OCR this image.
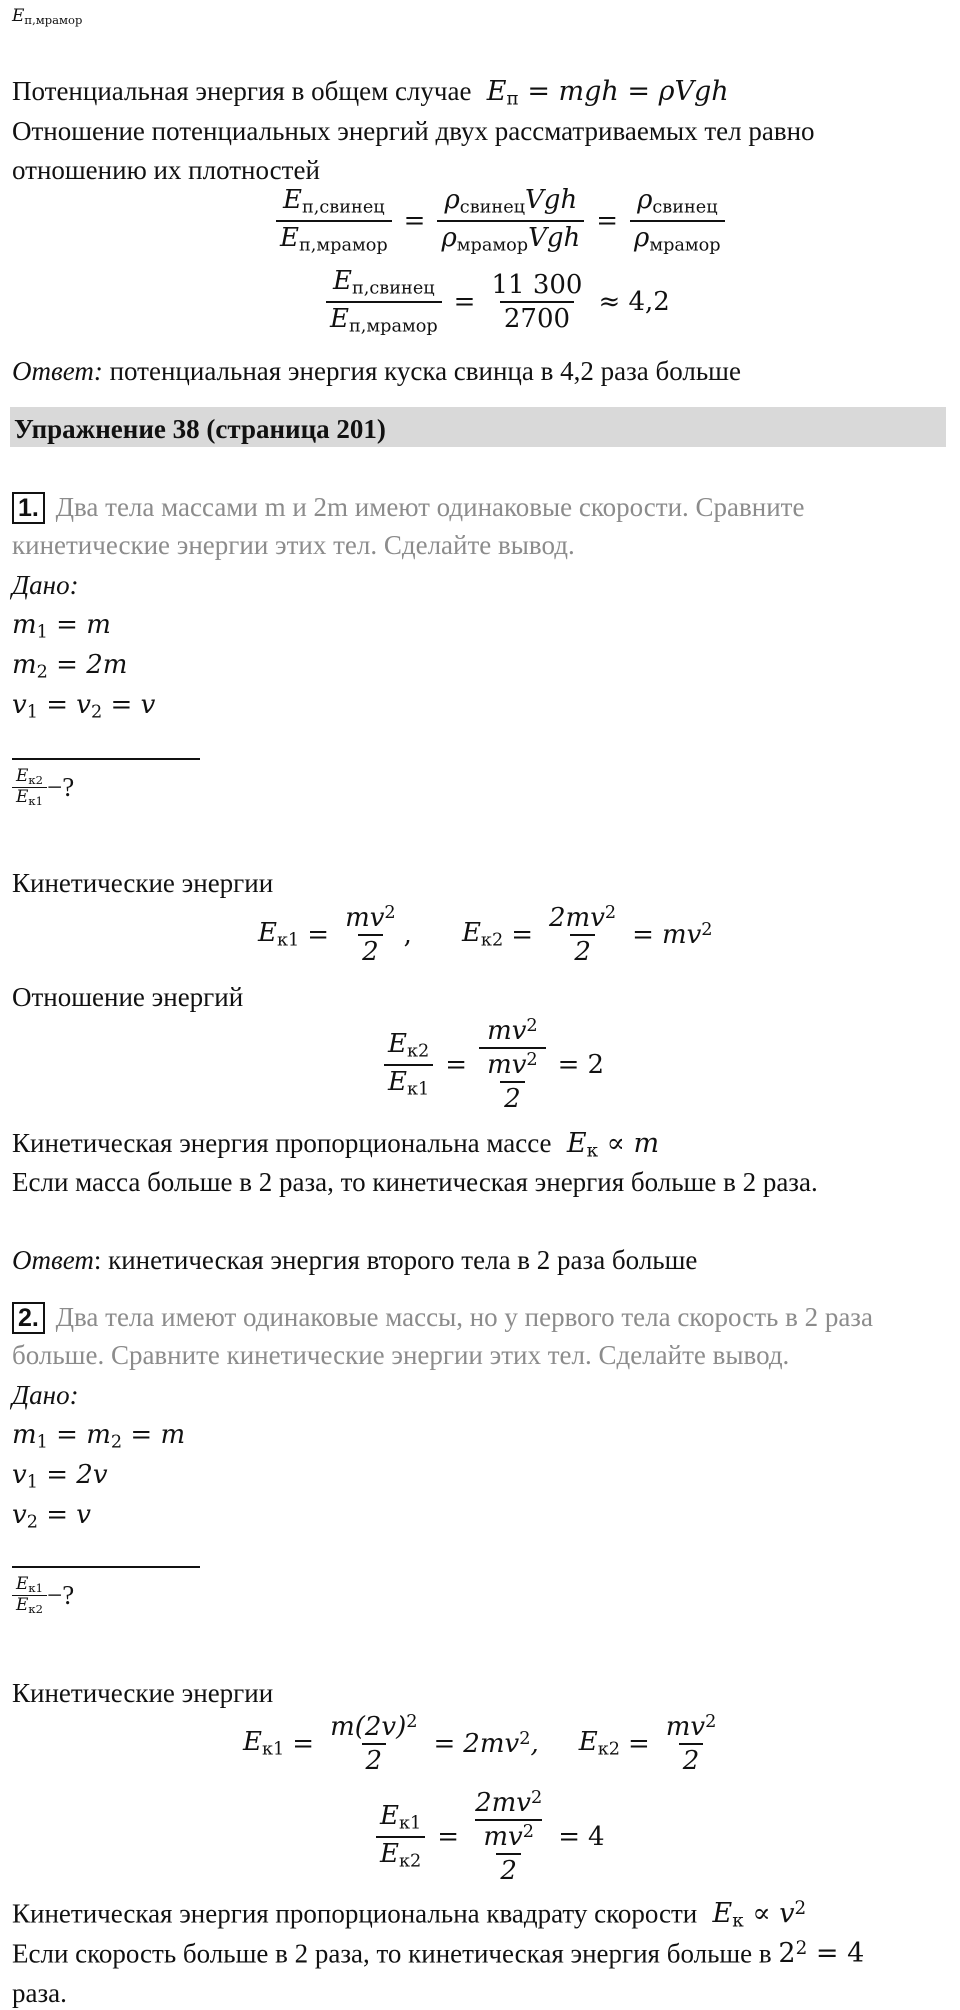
$E_{п,мрамор}$
Потенциальная энергия в общем случае  $E_п$ = mgh = ρVgh
Отношение потенциальных энергий двух рассматриваемых тел равно
отношению их плотностей
$\frac{E_{п,свинец}}{E_{п,мрамор}} = \frac{\rho_{свинец}Vgh}{\rho_{мрамор}Vgh} = \frac{\rho_{свинец}}{\rho_{мрамор}}$
$\frac{E_{п,свинец}}{E_{п,мрамор}} = \frac{11 300}{2700} \approx 4,2$
Ответ: потенциальная энергия куска свинца в 4,2 раза больше
Упражнение 38 (страница 201)
1. Два тела массами m и 2m имеют одинаковые скорости. Сравните
кинетические энергии этих тел. Сделайте вывод.
Дано:
$m_1 = m$
$m_2 = 2m$
$v_1 = v_2 = v$
$\frac{E_{к2}}{E_{к1}}$ −?
Кинетические энергии
$E_{к1} = \frac{mv^2}{2}$ , $E_{к2} = \frac{2mv^2}{2} = mv^2$
Отношение энергий
$\frac{E_{к2}}{E_{к1}} = \frac{mv^2}{\frac{mv^2}{2}} = 2$
Кинетическая энергия пропорциональна массе  $E_\kappa \propto m$
Если масса больше в 2 раза, то кинетическая энергия больше в 2 раза.
Ответ: кинетическая энергия второго тела в 2 раза больше
2. Два тела имеют одинаковые массы, но у первого тела скорость в 2 раза
больше. Сравните кинетические энергии этих тел. Сделайте вывод.
Дано:
$m_1 = m_2 = m$
$v_1 = 2v$
$v_2 = v$
$\frac{E_{к1}}{E_{к2}}$ −?
Кинетические энергии
$E_{к1} = \frac{m(2v)^2}{2} = 2mv^2$, $E_{к2} = \frac{mv^2}{2}$
$\frac{E_{к1}}{E_{к2}} = \frac{2mv^2}{\frac{mv^2}{2}} = 4$
Кинетическая энергия пропорциональна квадрату скорости  $E_\kappa \propto v^2$
Если скорость больше в 2 раза, то кинетическая энергия больше в $2^2 = 4$
раза.
